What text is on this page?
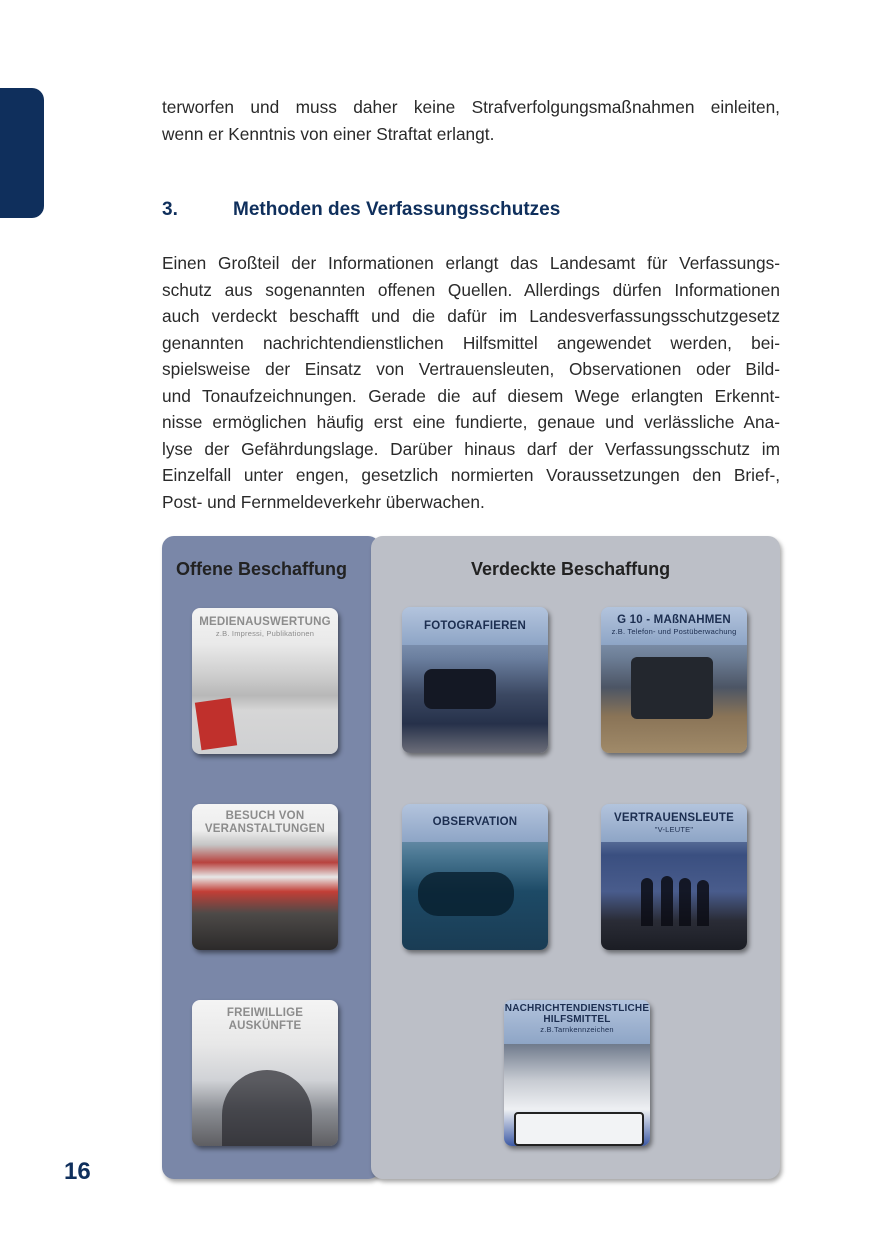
terworfen und muss daher keine Strafverfolgungsmaßnahmen einleiten,
wenn er Kenntnis von einer Straftat erlangt.

3.	Methoden des Verfassungsschutzes

Einen Großteil der Informationen erlangt das Landesamt für Verfassungs-
schutz aus sogenannten offenen Quellen. Allerdings dürfen Informationen
auch verdeckt beschafft und die dafür im Landesverfassungsschutzgesetz
genannten nachrichtendienstlichen Hilfsmittel angewendet werden, bei-
spielsweise der Einsatz von Vertrauensleuten, Observationen oder Bild-
und Tonaufzeichnungen. Gerade die auf diesem Wege erlangten Erkennt-
nisse ermöglichen häufig erst eine fundierte, genaue und verlässliche Ana-
lyse der Gefährdungslage. Darüber hinaus darf der Verfassungsschutz im
Einzelfall unter engen, gesetzlich normierten Voraussetzungen den Brief-,
Post- und Fernmeldeverkehr überwachen.

Offene Beschaffung	Verdeckte Beschaffung
MEDIENAUSWERTUNG
z.B. Impressi, Publikationen
BESUCH VON
VERANSTALTUNGEN
FREIWILLIGE
AUSKÜNFTE
FOTOGRAFIEREN	G 10 - MAßNAHMEN
z.B. Telefon- und Postüberwachung
OBSERVATION	VERTRAUENSLEUTE
"V-LEUTE"
NACHRICHTENDIENSTLICHE
HILFSMITTEL
z.B.Tarnkennzeichen
16
